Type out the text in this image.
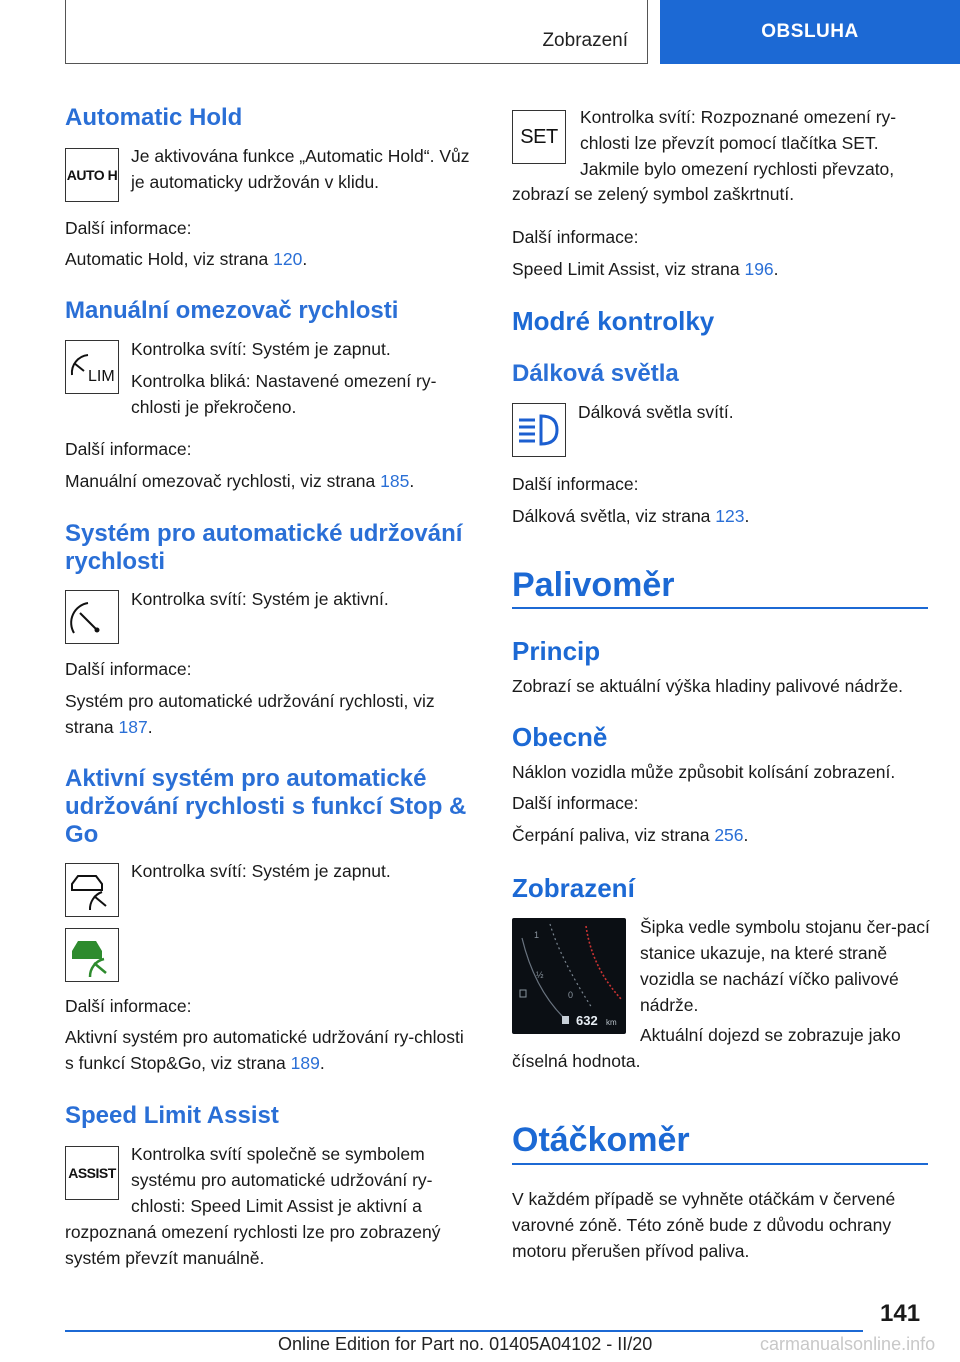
Zobrazení	OBSLUHA
Automatic Hold
AUTO H

Je aktivována funkce „Automatic Hold“. Vůz je automaticky udržován v klidu.

Další informace:

Automatic Hold, viz strana 120.

Manuální omezovač rychlosti
LIM

Kontrolka svítí: Systém je zapnut.

Kontrolka bliká: Nastavené omezení ry-chlosti je překročeno.

Další informace:

Manuální omezovač rychlosti, viz strana 185.

Systém pro automatické udržování rychlosti

Kontrolka svítí: Systém je aktivní.

Další informace:

Systém pro automatické udržování rychlosti, viz strana 187.

Aktivní systém pro automatické udržování rychlosti s funkcí Stop & Go

Kontrolka svítí: Systém je zapnut.

Další informace:

Aktivní systém pro automatické udržování ry-chlosti s funkcí Stop&Go, viz strana 189.

Speed Limit Assist
ASSIST

Kontrolka svítí společně se symbolem systému pro automatické udržování ry-chlosti: Speed Limit Assist je aktivní a

rozpoznaná omezení rychlosti lze pro zobrazený systém převzít manuálně.

SET

Kontrolka svítí: Rozpoznané omezení ry-chlosti lze převzít pomocí tlačítka SET. Jakmile bylo omezení rychlosti převzato,

zobrazí se zelený symbol zaškrtnutí.

Další informace:

Speed Limit Assist, viz strana 196.

Modré kontrolky
Dálková světla

Dálková světla svítí.

Další informace:

Dálková světla, viz strana 123.

Palivoměr
Princip

Zobrazí se aktuální výška hladiny palivové nádrže.

Obecně

Náklon vozidla může způsobit kolísání zobrazení.

Další informace:

Čerpání paliva, viz strana 256.

Zobrazení
1
½
0
632 km

Šipka vedle symbolu stojanu čer-pací stanice ukazuje, na které straně vozidla se nachází víčko palivové nádrže.

Aktuální dojezd se zobrazuje jako

číselná hodnota.

Otáčkoměr

V každém případě se vyhněte otáčkám v červené varovné zóně. Této zóně bude z důvodu ochrany motoru přerušen přívod paliva.

141
Online Edition for Part no. 01405A04102 - II/20	carmanualsonline.info
